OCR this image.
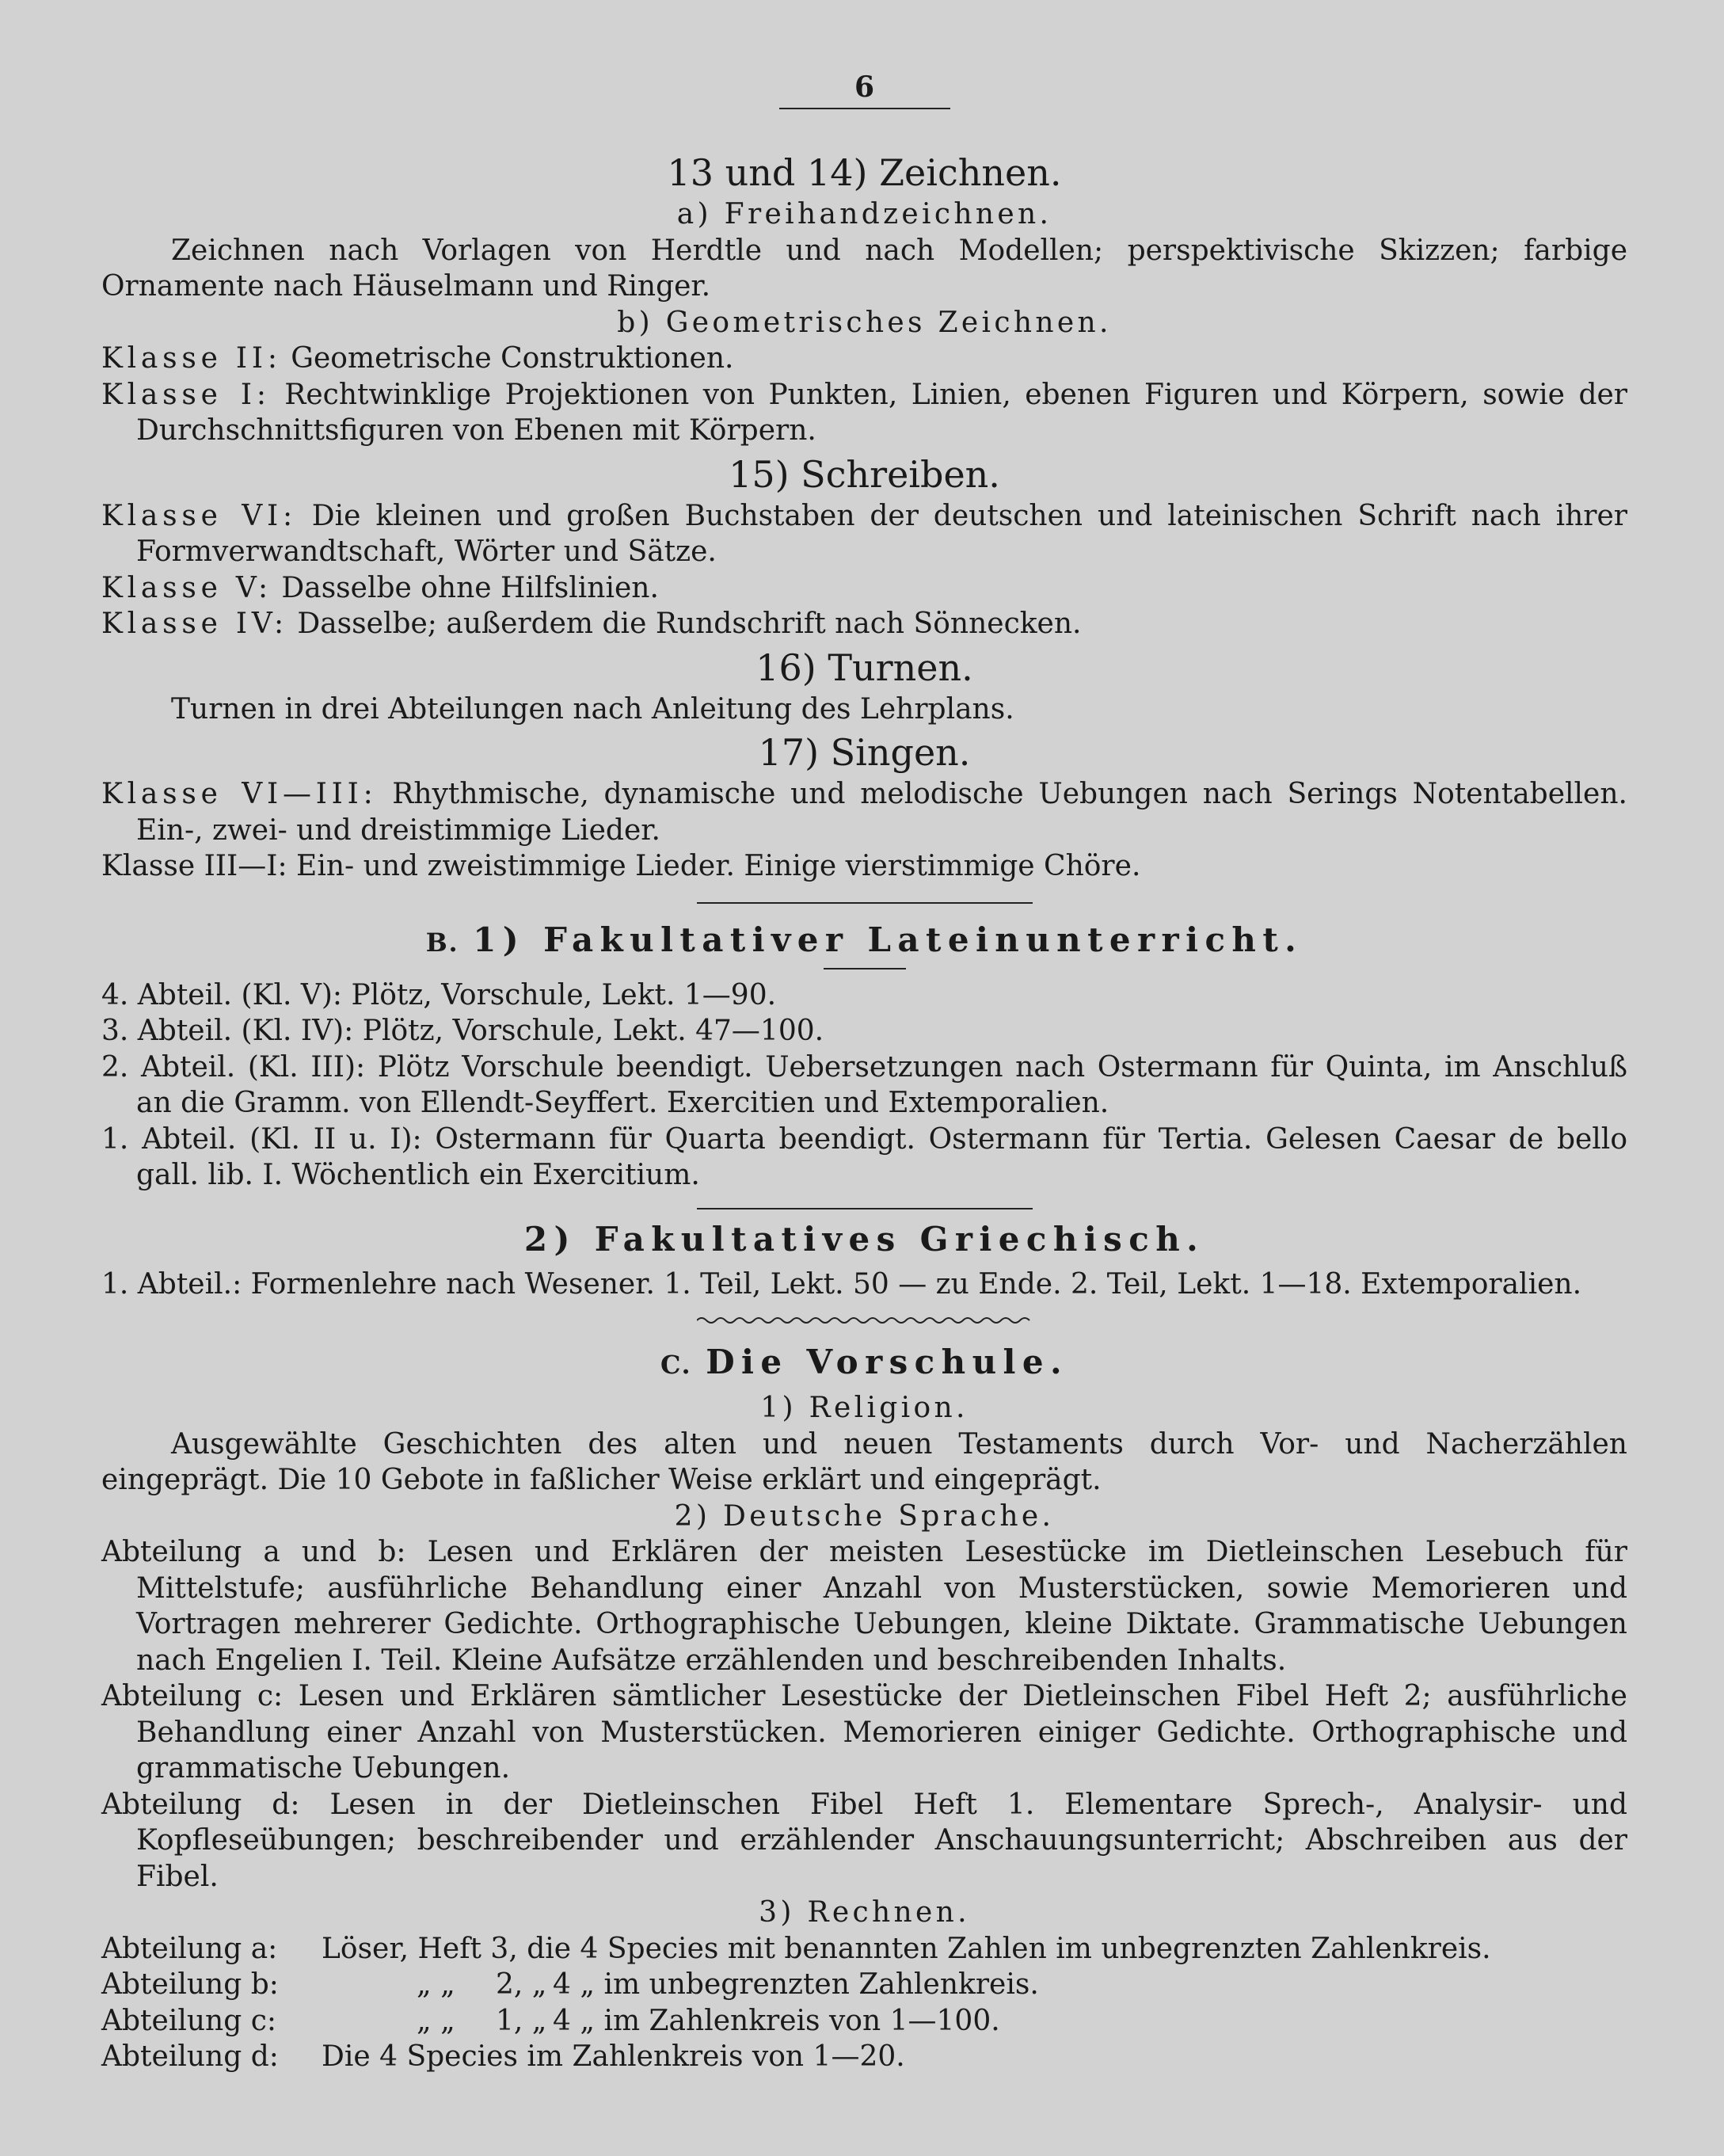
6
13 und 14) Zeichnen.
a) Freihandzeichnen.
Zeichnen nach Vorlagen von Herdtle und nach Modellen; perspektivische Skizzen; farbige Ornamente nach Häuselmann und Ringer.
b) Geometrisches Zeichnen.
Klasse II: Geometrische Construktionen.
Klasse I: Rechtwinklige Projektionen von Punkten, Linien, ebenen Figuren und Körpern, sowie der Durchschnittsfiguren von Ebenen mit Körpern.
15) Schreiben.
Klasse VI: Die kleinen und großen Buchstaben der deutschen und lateinischen Schrift nach ihrer Formverwandtschaft, Wörter und Sätze.
Klasse V: Dasselbe ohne Hilfslinien.
Klasse IV: Dasselbe; außerdem die Rundschrift nach Sönnecken.
16) Turnen.
Turnen in drei Abteilungen nach Anleitung des Lehrplans.
17) Singen.
Klasse VI—III: Rhythmische, dynamische und melodische Uebungen nach Serings Notentabellen. Ein-, zwei- und dreistimmige Lieder.
Klasse III—I: Ein- und zweistimmige Lieder. Einige vierstimmige Chöre.
B. 1) Fakultativer Lateinunterricht.
4. Abteil. (Kl. V): Plötz, Vorschule, Lekt. 1—90.
3. Abteil. (Kl. IV): Plötz, Vorschule, Lekt. 47—100.
2. Abteil. (Kl. III): Plötz Vorschule beendigt. Uebersetzungen nach Ostermann für Quinta, im Anschluß an die Gramm. von Ellendt-Seyffert. Exercitien und Extemporalien.
1. Abteil. (Kl. II u. I): Ostermann für Quarta beendigt. Ostermann für Tertia. Gelesen Caesar de bello gall. lib. I. Wöchentlich ein Exercitium.
2) Fakultatives Griechisch.
1. Abteil.: Formenlehre nach Wesener. 1. Teil, Lekt. 50 — zu Ende. 2. Teil, Lekt. 1—18. Extemporalien.
C. Die Vorschule.
1) Religion.
Ausgewählte Geschichten des alten und neuen Testaments durch Vor- und Nacherzählen eingeprägt. Die 10 Gebote in faßlicher Weise erklärt und eingeprägt.
2) Deutsche Sprache.
Abteilung a und b: Lesen und Erklären der meisten Lesestücke im Dietleinschen Lesebuch für Mittelstufe; ausführliche Behandlung einer Anzahl von Musterstücken, sowie Memorieren und Vortragen mehrerer Gedichte. Orthographische Uebungen, kleine Diktate. Grammatische Uebungen nach Engelien I. Teil. Kleine Aufsätze erzählenden und beschreibenden Inhalts.
Abteilung c: Lesen und Erklären sämtlicher Lesestücke der Dietleinschen Fibel Heft 2; ausführliche Behandlung einer Anzahl von Musterstücken. Memorieren einiger Gedichte. Orthographische und grammatische Uebungen.
Abteilung d: Lesen in der Dietleinschen Fibel Heft 1. Elementare Sprech-, Analysir- und Kopfleseübungen; beschreibender und erzählender Anschauungsunterricht; Abschreiben aus der Fibel.
3) Rechnen.
Abteilung a:	Löser, Heft 3, die 4 Species mit benannten Zahlen im unbegrenzten Zahlenkreis.
Abteilung b:	„ „	2, „ 4 „ im unbegrenzten Zahlenkreis.
Abteilung c:	„ „	1, „ 4 „ im Zahlenkreis von 1—100.
Abteilung d:	Die 4 Species im Zahlenkreis von 1—20.
